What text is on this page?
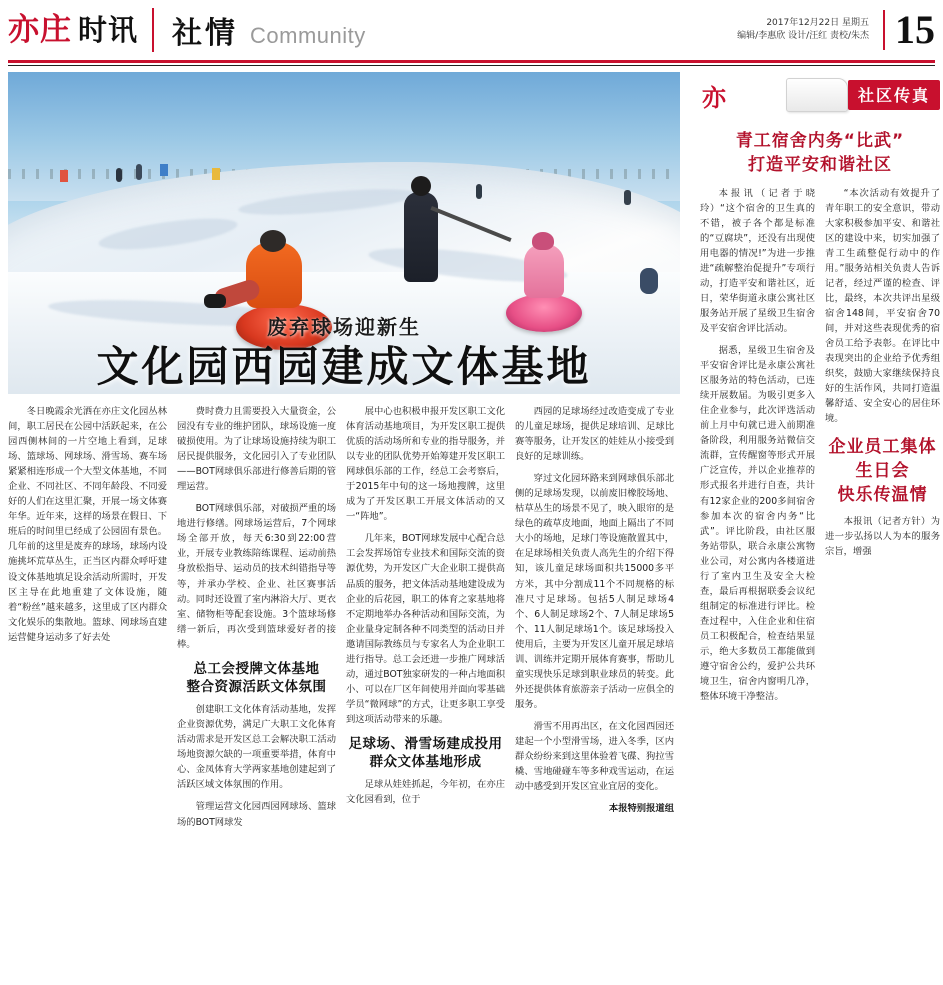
亦庄 时讯 社情 Community
2017年12月22日 星期五
编辑/李惠欣 设计/汪红 责校/朱杰 15
废弃球场迎新生
文化园西园建成文体基地

冬日晚霞余光洒在亦庄文化园丛林间，职工居民在公园中活跃起来，在公园西侧林间的一片空地上看到，足球场、篮球场、网球场、滑雪场、赛车场紧紧相连形成一个大型文体基地，不同企业、不同社区、不同年龄段、不同爱好的人们在这里汇聚，开展一场文体赛年华。近年来，这样的场景在假日、下班后的时间里已经成了公园固有景色。几年前的这里是废弃的球场，球场内设施挑坏荒草丛生，正当区内群众呼吁建设文体基地填足设余活动所需时，开发区主导在此地重建了文体设施，随着“粉丝”越来越多，这里成了区内群众文化娱乐的集散地。篮球、网球场直建运营健身运动多了好去处

费时费力且需要投入大量资金，公园没有专业的维护团队，球场设施一度破损使用。为了让球场设施持续为职工居民提供服务，文化园引入了专业团队——BOT网球俱乐部进行修善后期的管理运营。

BOT网球俱乐部，对破损严重的场地进行修缮。网球场运营后，7个网球场全部开放，每天6:30到22:00营业，开展专业教练陪练课程、运动前热身放松指导、运动员的技术纠错指导等等，并承办学校、企业、社区赛事活动。同时还设置了室内淋浴大厅、更衣室、储物柜等配套设施。3个篮球场修缮一新后，再次受到篮球爱好者的接棒。

总工会授牌文体基地
整合资源活跃文体氛围

创建职工文化体育活动基地，发挥企业资源优势，满足广大职工文化体育活动需求是开发区总工会解决职工活动场地资源欠缺的一项重要举措，体育中心、金凤体育大学两家基地创建起到了活跃区域文体氛围的作用。

管理运营文化园西园网球场、篮球场的BOT网球发

展中心也积极申报开发区职工文化体育活动基地项目，为开发区职工提供优质的活动场所和专业的指导服务，并以专业的团队优势开始筹建开发区职工网球俱乐部的工作，经总工会考察后，于2015年中旬的这一场地搜牌，这里成为了开发区职工开展文体活动的又一“阵地”。

几年来，BOT网球发展中心配合总工会发挥场馆专业技术和国际交流的资源优势，为开发区广大企业职工提供高品质的服务，把文体活动基地建设成为企业的后花园，职工的体育之家基地将不定期地举办各种活动和国际交流，为企业量身定制各种不同类型的活动日并邀请国际教练员与专家名人为企业职工进行指导。总工会还进一步推广网球活动，通过BOT独家研发的一种占地面积小、可以在厂区年间使用并面向零基础学员“微网球”的方式，让更多职工享受到这项活动带来的乐趣。

足球场、滑雪场建成投用
群众文体基地形成

足球从娃娃抓起，今年初，在亦庄文化园看到，位于

西园的足球场经过改造变成了专业的儿童足球场，提供足球培训、足球比赛等服务，让开发区的娃娃从小接受到良好的足球训练。

穿过文化园环路来到网球俱乐部北侧的足球场发现，以前废旧橡胶场地、枯草丛生的场景不见了，映入眼帘的是绿色的疏草皮地面，地面上隔出了不同大小的场地，足球门等设施散置其中，在足球场相关负责人高先生的介绍下得知，该儿童足球场面积共15000多平方米，其中分割成11个不同规格的标准尺寸足球场。包括5人制足球场4个、6人制足球场2个、7人制足球场5个、11人制足球场1个。该足球场投入使用后，主要为开发区儿童开展足球培训、训练并定期开展体育赛事，帮助儿童实现快乐足球到职业球员的转变。此外还提供体育旅游亲子活动一应俱全的服务。

滑雪不用再出区，在文化园西园还建起一个小型滑雪场，进入冬季，区内群众纷纷来到这里体验着飞碟、狗拉雪橇、雪地碰碰车等多种戏雪运动，在运动中感受到开发区宜业宜居的变化。

本报特别报道组
亦	社区传真
青工宿舍内务“比武”
打造平安和谐社区

本报讯（记者于晓玲）“这个宿舍的卫生真的不错，被子各个都是标准的“豆腐块”，还没有出现使用电器的情况!”为进一步推进“疏解整治促提升”专项行动，打造平安和谐社区，近日，荣华街道永康公寓社区服务站开展了星级卫生宿舍及平安宿舍评比活动。

据悉，星级卫生宿舍及平安宿舍评比是永康公寓社区服务站的特色活动，已连续开展数届。为吸引更多入住企业参与，此次评选活动前上月中旬就已进入前期准备阶段，利用服务站微信交流群，宣传醒窗等形式开展广泛宣传，并以企业推荐的形式报名并进行自查，共计有12家企业的200多间宿舍参加本次的宿舍内务“比武”。评比阶段，由社区服务站带队，联合永康公寓物业公司，对公寓内各楼道进行了室内卫生及安全大检查，最后再根据联委会议纪组制定的标准进行评比。检查过程中，入住企业和住宿员工积极配合，检查结果显示，绝大多数员工都能做到遵守宿舍公约，爱护公共环境卫生，宿舍内窗明几净，整体环境干净整洁。

“本次活动有效提升了青年职工的安全意识，带动大家积极参加平安、和谐社区的建设中来，切实加强了青工生疏整促行动中的作用。”服务站相关负责人告诉记者，经过严谨的检查、评比，最终，本次共评出星级宿舍148间，平安宿舍70间，并对这些表现优秀的宿舍员工给予表彰。在评比中表现突出的企业给予优秀组织奖，鼓励大家继续保持良好的生活作风，共同打造温馨舒适、安全安心的居住环境。

企业员工集体生日会
快乐传温情

本报讯（记者方针）为进一步弘扬以人为本的服务宗旨，增强
